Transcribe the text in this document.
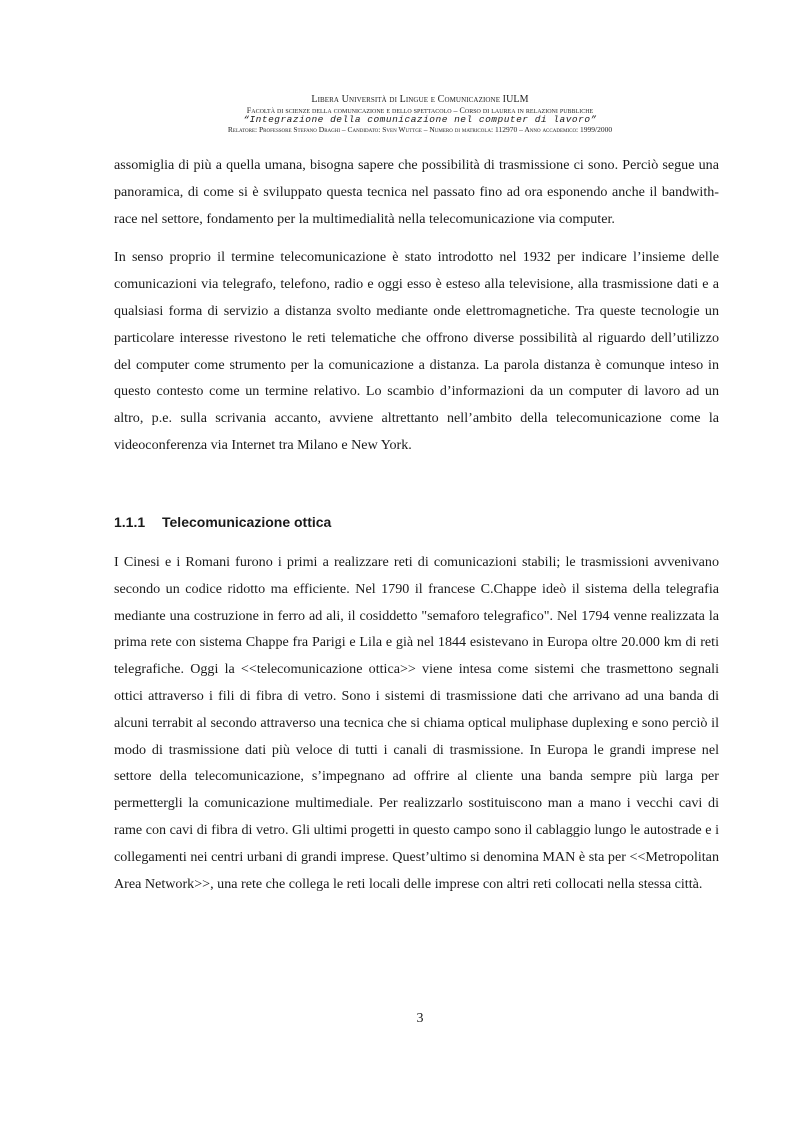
Libera Università di Lingue e Comunicazione IULM
Facoltà di scienze della comunicazione e dello spettacolo – Corso di laurea in relazioni pubbliche
“Integrazione della comunicazione nel computer di lavoro”
Relatore: Professore Stefano Draghi – Candidato: Sven Wuttge – Numero di matricola: 112970 – Anno accademico: 1999/2000

assomiglia di più a quella umana, bisogna sapere che possibilità di trasmissione ci sono. Perciò segue una panoramica, di come si è sviluppato questa tecnica nel passato fino ad ora esponendo anche il bandwith-race nel settore, fondamento per la multimedialità nella telecomunicazione via computer.

In senso proprio il termine telecomunicazione è stato introdotto nel 1932 per indicare l’insieme delle comunicazioni via telegrafo, telefono, radio e oggi esso è esteso alla televisione, alla trasmissione dati e a qualsiasi forma di servizio a distanza svolto mediante onde elettromagnetiche. Tra queste tecnologie un particolare interesse rivestono le reti telematiche che offrono diverse possibilità al riguardo dell’utilizzo del computer come strumento per la comunicazione a distanza. La parola distanza è comunque inteso in questo contesto come un termine relativo. Lo scambio d’informazioni da un computer di lavoro ad un altro, p.e. sulla scrivania accanto, avviene altrettanto nell’ambito della telecomunicazione come la videoconferenza via Internet tra Milano e New York.

1.1.1 Telecomunicazione ottica

I Cinesi e i Romani furono i primi a realizzare reti di comunicazioni stabili; le trasmissioni avvenivano secondo un codice ridotto ma efficiente. Nel 1790 il francese C.Chappe ideò il sistema della telegrafia mediante una costruzione in ferro ad ali, il cosiddetto "semaforo telegrafico". Nel 1794 venne realizzata la prima rete con sistema Chappe fra Parigi e Lila e già nel 1844 esistevano in Europa oltre 20.000 km di reti telegrafiche. Oggi la <<telecomunicazione ottica>> viene intesa come sistemi che trasmettono segnali ottici attraverso i fili di fibra di vetro. Sono i sistemi di trasmissione dati che arrivano ad una banda di alcuni terrabit al secondo attraverso una tecnica che si chiama optical muliphase duplexing e sono perciò il modo di trasmissione dati più veloce di tutti i canali di trasmissione. In Europa le grandi imprese nel settore della telecomunicazione, s’impegnano ad offrire al cliente una banda sempre più larga per permettergli la comunicazione multimediale. Per realizzarlo sostituiscono man a mano i vecchi cavi di rame con cavi di fibra di vetro. Gli ultimi progetti in questo campo sono il cablaggio lungo le autostrade e i collegamenti nei centri urbani di grandi imprese. Quest’ultimo si denomina MAN è sta per <<Metropolitan Area Network>>, una rete che collega le reti locali delle imprese con altri reti collocati nella stessa città.

3
